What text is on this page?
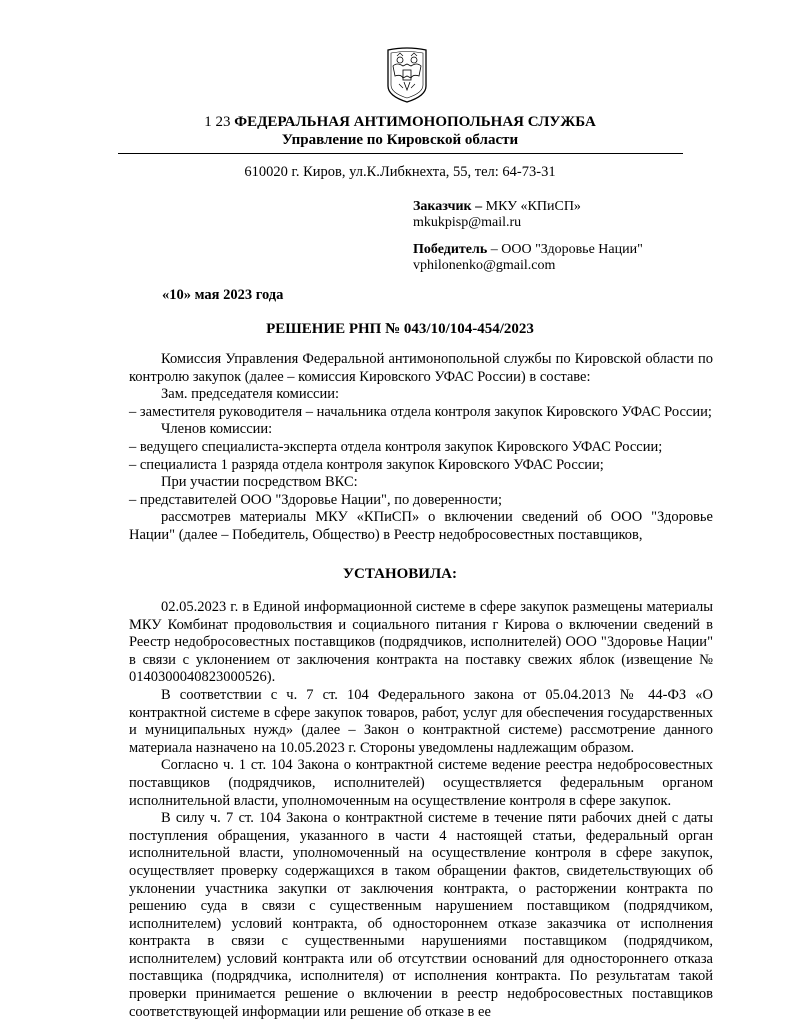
1 23 ФЕДЕРАЛЬНАЯ АНТИМОНОПОЛЬНАЯ СЛУЖБА
Управление по Кировской области
610020 г. Киров, ул.К.Либкнехта, 55, тел: 64-73-31
Заказчик – МКУ «КПиСП»
mkukpisp@mail.ru
Победитель – ООО "Здоровье Нации"
vphilonenko@gmail.com
«10» мая 2023 года
РЕШЕНИЕ РНП № 043/10/104-454/2023

Комиссия Управления Федеральной антимонопольной службы по Кировской области по контролю закупок (далее – комиссия Кировского УФАС России) в составе:

Зам. председателя комиссии:

– заместителя руководителя – начальника отдела контроля закупок Кировского УФАС России;

Членов комиссии:

– ведущего специалиста-эксперта отдела контроля закупок Кировского УФАС России;

– специалиста 1 разряда отдела контроля закупок Кировского УФАС России;

При участии посредством ВКС:

– представителей ООО "Здоровье Нации", по доверенности;

рассмотрев материалы МКУ «КПиСП» о включении сведений об ООО "Здоровье Нации" (далее – Победитель, Общество) в Реестр недобросовестных поставщиков,

УСТАНОВИЛА:

02.05.2023 г. в Единой информационной системе в сфере закупок размещены материалы МКУ Комбинат продовольствия и социального питания г Кирова о включении сведений в Реестр недобросовестных поставщиков (подрядчиков, исполнителей) ООО "Здоровье Нации" в связи с уклонением от заключения контракта на поставку свежих яблок (извещение № 0140300040823000526).

В соответствии с ч. 7 ст. 104 Федерального закона от 05.04.2013 № 44-ФЗ «О контрактной системе в сфере закупок товаров, работ, услуг для обеспечения государственных и муниципальных нужд» (далее – Закон о контрактной системе) рассмотрение данного материала назначено на 10.05.2023 г. Стороны уведомлены надлежащим образом.

Согласно ч. 1 ст. 104 Закона о контрактной системе ведение реестра недобросовестных поставщиков (подрядчиков, исполнителей) осуществляется федеральным органом исполнительной власти, уполномоченным на осуществление контроля в сфере закупок.

В силу ч. 7 ст. 104 Закона о контрактной системе в течение пяти рабочих дней с даты поступления обращения, указанного в части 4 настоящей статьи, федеральный орган исполнительной власти, уполномоченный на осуществление контроля в сфере закупок, осуществляет проверку содержащихся в таком обращении фактов, свидетельствующих об уклонении участника закупки от заключения контракта, о расторжении контракта по решению суда в связи с существенным нарушением поставщиком (подрядчиком, исполнителем) условий контракта, об одностороннем отказе заказчика от исполнения контракта в связи с существенными нарушениями поставщиком (подрядчиком, исполнителем) условий контракта или об отсутствии оснований для одностороннего отказа поставщика (подрядчика, исполнителя) от исполнения контракта. По результатам такой проверки принимается решение о включении в реестр недобросовестных поставщиков соответствующей информации или решение об отказе в ее
